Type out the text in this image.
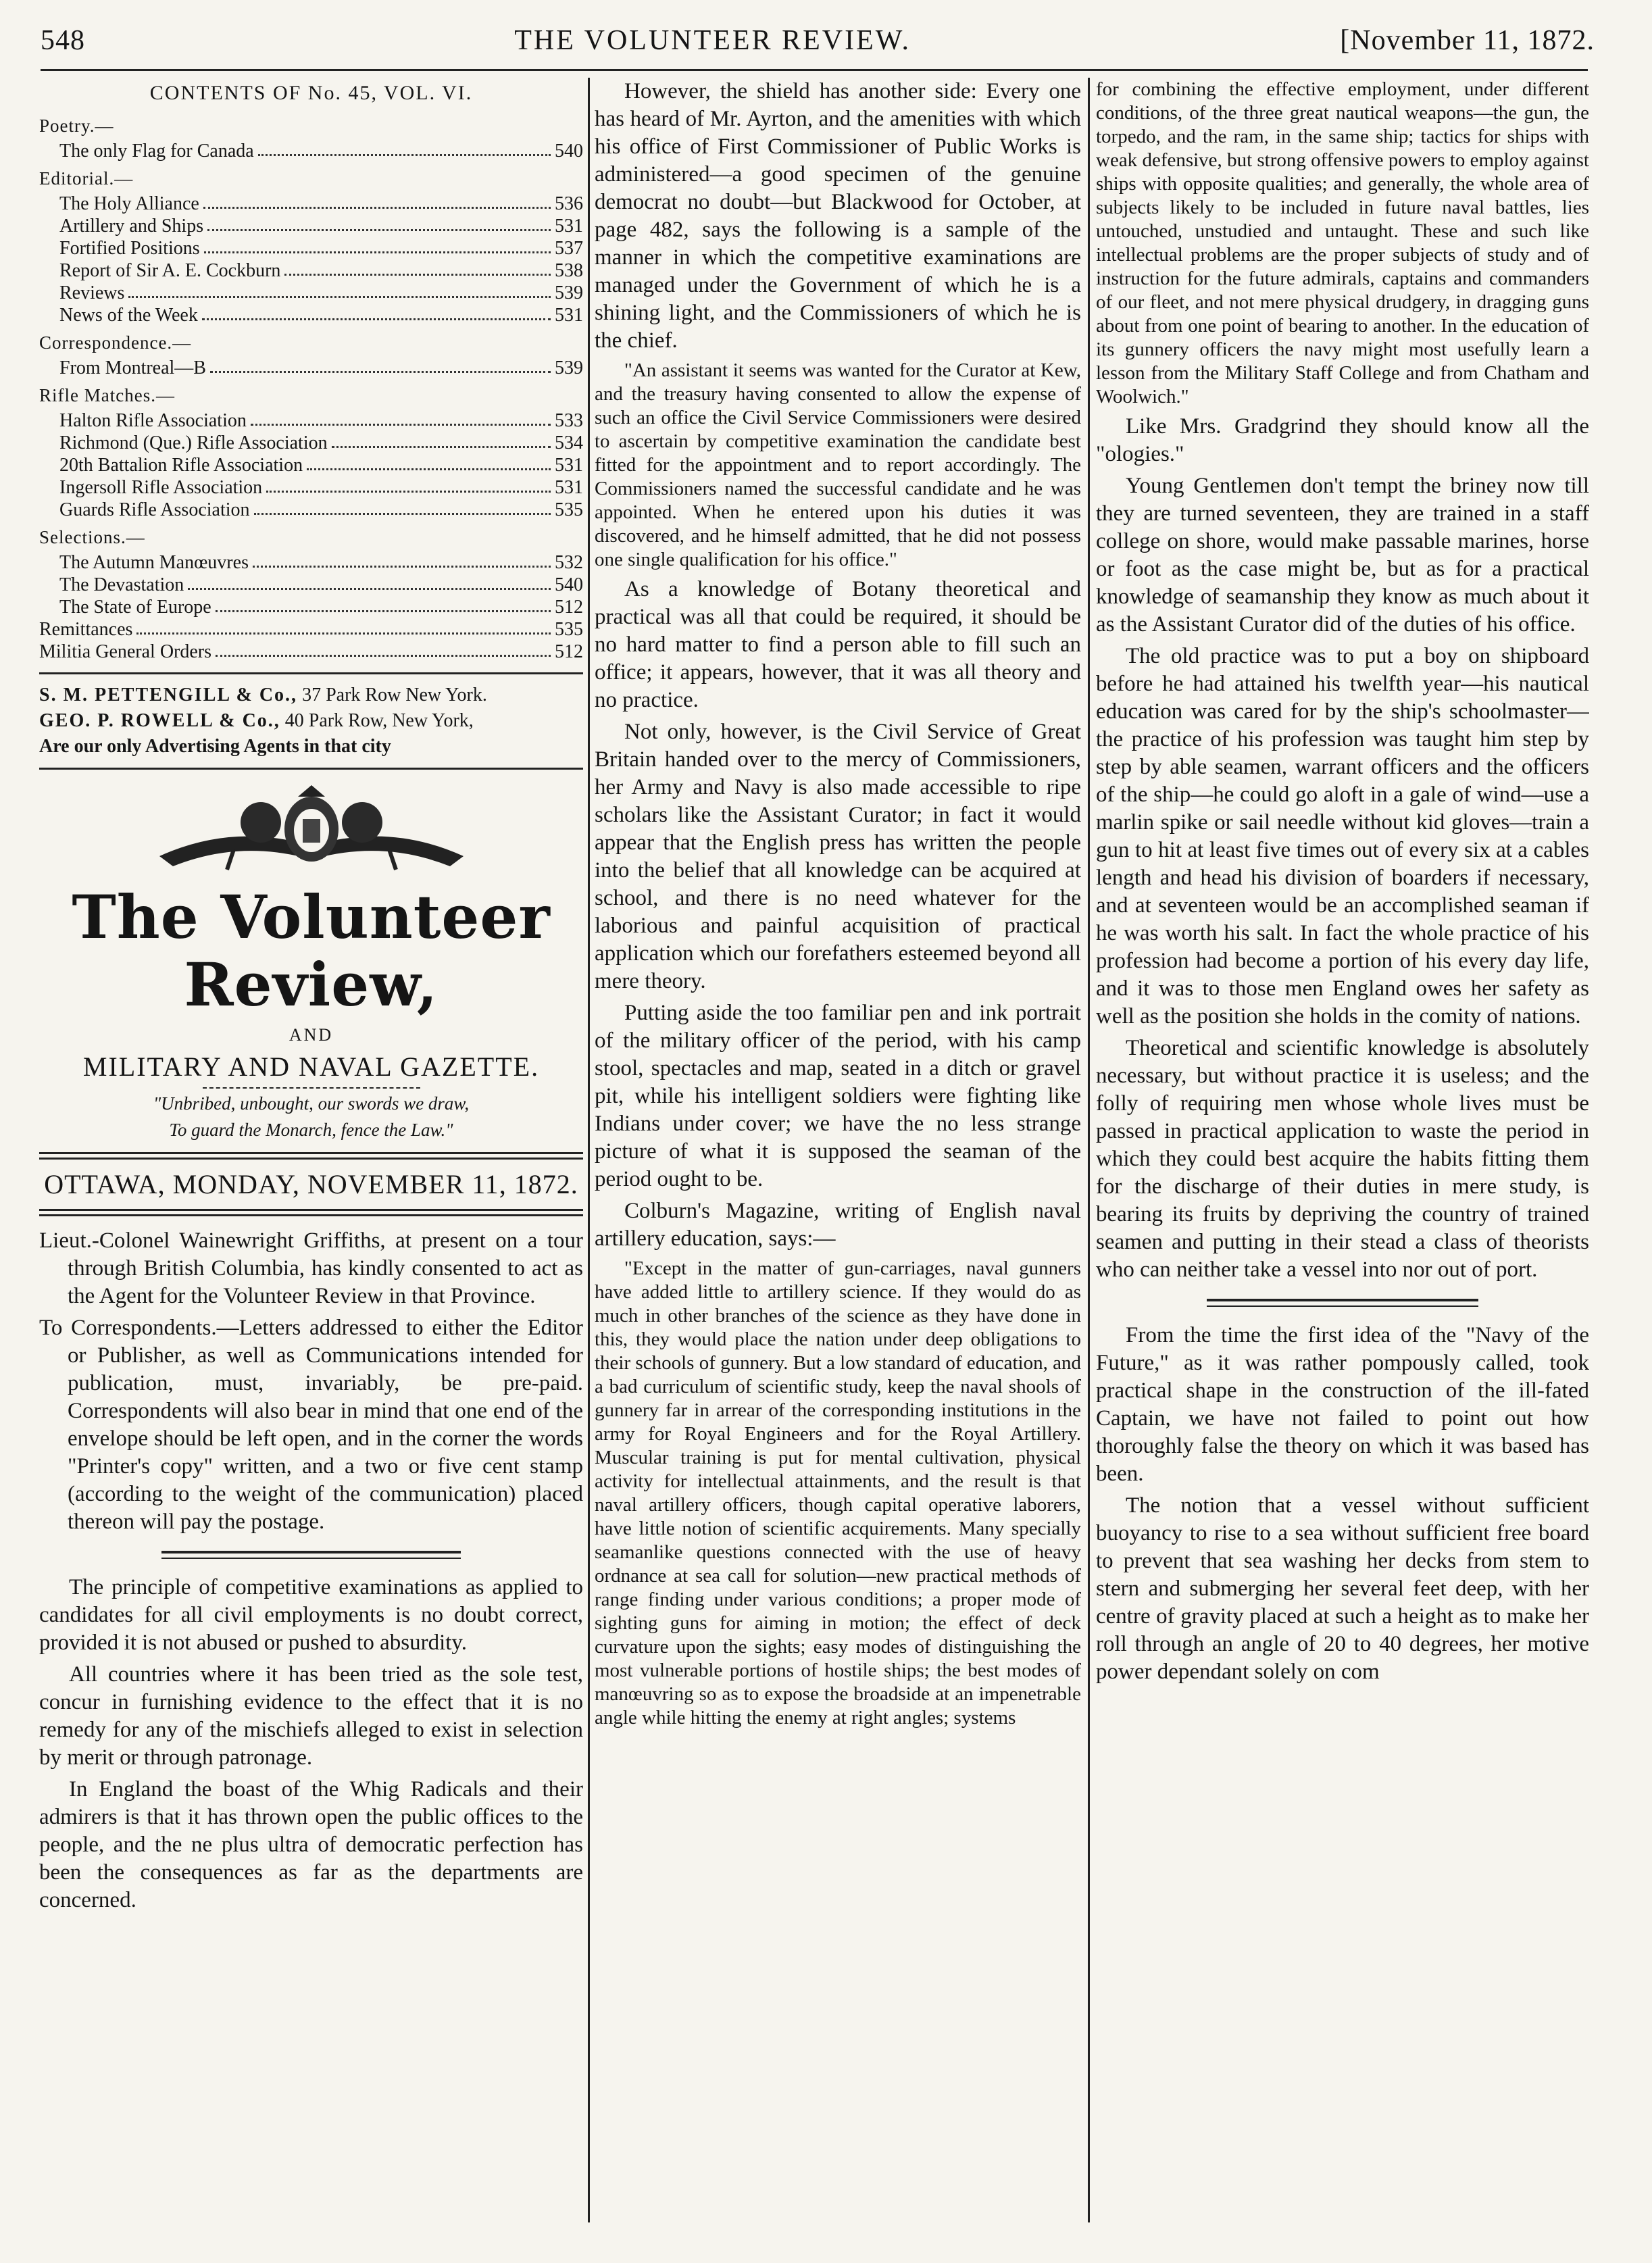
548	THE VOLUNTEER REVIEW.	[November 11, 1872.
CONTENTS OF No. 45, VOL. VI.
Poetry.—
The only Flag for Canada	540
Editorial.—
The Holy Alliance	536
Artillery and Ships	531
Fortified Positions	537
Report of Sir A. E. Cockburn	538
Reviews	539
News of the Week	531
Correspondence.—
From Montreal—B	539
Rifle Matches.—
Halton Rifle Association	533
Richmond (Que.) Rifle Association	534
20th Battalion Rifle Association	531
Ingersoll Rifle Association	531
Guards Rifle Association	535
Selections.—
The Autumn Manœuvres	532
The Devastation	540
The State of Europe	512
Remittances	535
Militia General Orders	512
S. M. PETTENGILL & Co., 37 Park Row New York.
GEO. P. ROWELL & Co., 40 Park Row, New York,
Are our only Advertising Agents in that city
The Volunteer Review,
AND
MILITARY AND NAVAL GAZETTE.
"Unbribed, unbought, our swords we draw,
To guard the Monarch, fence the Law."
OTTAWA, MONDAY, NOVEMBER 11, 1872.

Lieut.-Colonel Wainewright Griffiths, at present on a tour through British Columbia, has kindly consented to act as the Agent for the Volunteer Review in that Province.

To Correspondents.—Letters addressed to either the Editor or Publisher, as well as Communications intended for publication, must, invariably, be pre-paid. Correspondents will also bear in mind that one end of the envelope should be left open, and in the corner the words "Printer's copy" written, and a two or five cent stamp (according to the weight of the communication) placed thereon will pay the postage.

The principle of competitive examinations as applied to candidates for all civil employments is no doubt correct, provided it is not abused or pushed to absurdity.

All countries where it has been tried as the sole test, concur in furnishing evidence to the effect that it is no remedy for any of the mischiefs alleged to exist in selection by merit or through patronage.

In England the boast of the Whig Radicals and their admirers is that it has thrown open the public offices to the people, and the ne plus ultra of democratic perfection has been the consequences as far as the departments are concerned.

However, the shield has another side: Every one has heard of Mr. Ayrton, and the amenities with which his office of First Commissioner of Public Works is administered—a good specimen of the genuine democrat no doubt—but Blackwood for October, at page 482, says the following is a sample of the manner in which the competitive examinations are managed under the Government of which he is a shining light, and the Commissioners of which he is the chief.

"An assistant it seems was wanted for the Curator at Kew, and the treasury having consented to allow the expense of such an office the Civil Service Commissioners were desired to ascertain by competitive examination the candidate best fitted for the appointment and to report accordingly. The Commissioners named the successful candidate and he was appointed. When he entered upon his duties it was discovered, and he himself admitted, that he did not possess one single qualification for his office."

As a knowledge of Botany theoretical and practical was all that could be required, it should be no hard matter to find a person able to fill such an office; it appears, however, that it was all theory and no practice.

Not only, however, is the Civil Service of Great Britain handed over to the mercy of Commissioners, her Army and Navy is also made accessible to ripe scholars like the Assistant Curator; in fact it would appear that the English press has written the people into the belief that all knowledge can be acquired at school, and there is no need whatever for the laborious and painful acquisition of practical application which our forefathers esteemed beyond all mere theory.

Putting aside the too familiar pen and ink portrait of the military officer of the period, with his camp stool, spectacles and map, seated in a ditch or gravel pit, while his intelligent soldiers were fighting like Indians under cover; we have the no less strange picture of what it is supposed the seaman of the period ought to be.

Colburn's Magazine, writing of English naval artillery education, says:—

"Except in the matter of gun-carriages, naval gunners have added little to artillery science. If they would do as much in other branches of the science as they have done in this, they would place the nation under deep obligations to their schools of gunnery. But a low standard of education, and a bad curriculum of scientific study, keep the naval shools of gunnery far in arrear of the corresponding institutions in the army for Royal Engineers and for the Royal Artillery. Muscular training is put for mental cultivation, physical activity for intellectual attainments, and the result is that naval artillery officers, though capital operative laborers, have little notion of scientific acquirements. Many specially seamanlike questions connected with the use of heavy ordnance at sea call for solution—new practical methods of range finding under various conditions; a proper mode of sighting guns for aiming in motion; the effect of deck curvature upon the sights; easy modes of distinguishing the most vulnerable portions of hostile ships; the best modes of manœuvring so as to expose the broadside at an impenetrable angle while hitting the enemy at right angles; systems

for combining the effective employment, under different conditions, of the three great nautical weapons—the gun, the torpedo, and the ram, in the same ship; tactics for ships with weak defensive, but strong offensive powers to employ against ships with opposite qualities; and generally, the whole area of subjects likely to be included in future naval battles, lies untouched, unstudied and untaught. These and such like intellectual problems are the proper subjects of study and of instruction for the future admirals, captains and commanders of our fleet, and not mere physical drudgery, in dragging guns about from one point of bearing to another. In the education of its gunnery officers the navy might most usefully learn a lesson from the Military Staff College and from Chatham and Woolwich."

Like Mrs. Gradgrind they should know all the "ologies."

Young Gentlemen don't tempt the briney now till they are turned seventeen, they are trained in a staff college on shore, would make passable marines, horse or foot as the case might be, but as for a practical knowledge of seamanship they know as much about it as the Assistant Curator did of the duties of his office.

The old practice was to put a boy on shipboard before he had attained his twelfth year—his nautical education was cared for by the ship's schoolmaster—the practice of his profession was taught him step by step by able seamen, warrant officers and the officers of the ship—he could go aloft in a gale of wind—use a marlin spike or sail needle without kid gloves—train a gun to hit at least five times out of every six at a cables length and head his division of boarders if necessary, and at seventeen would be an accomplished seaman if he was worth his salt. In fact the whole practice of his profession had become a portion of his every day life, and it was to those men England owes her safety as well as the position she holds in the comity of nations.

Theoretical and scientific knowledge is absolutely necessary, but without practice it is useless; and the folly of requiring men whose whole lives must be passed in practical application to waste the period in which they could best acquire the habits fitting them for the discharge of their duties in mere study, is bearing its fruits by depriving the country of trained seamen and putting in their stead a class of theorists who can neither take a vessel into nor out of port.

From the time the first idea of the "Navy of the Future," as it was rather pompously called, took practical shape in the construction of the ill-fated Captain, we have not failed to point out how thoroughly false the theory on which it was based has been.

The notion that a vessel without sufficient buoyancy to rise to a sea without sufficient free board to prevent that sea washing her decks from stem to stern and submerging her several feet deep, with her centre of gravity placed at such a height as to make her roll through an angle of 20 to 40 degrees, her motive power dependant solely on com
